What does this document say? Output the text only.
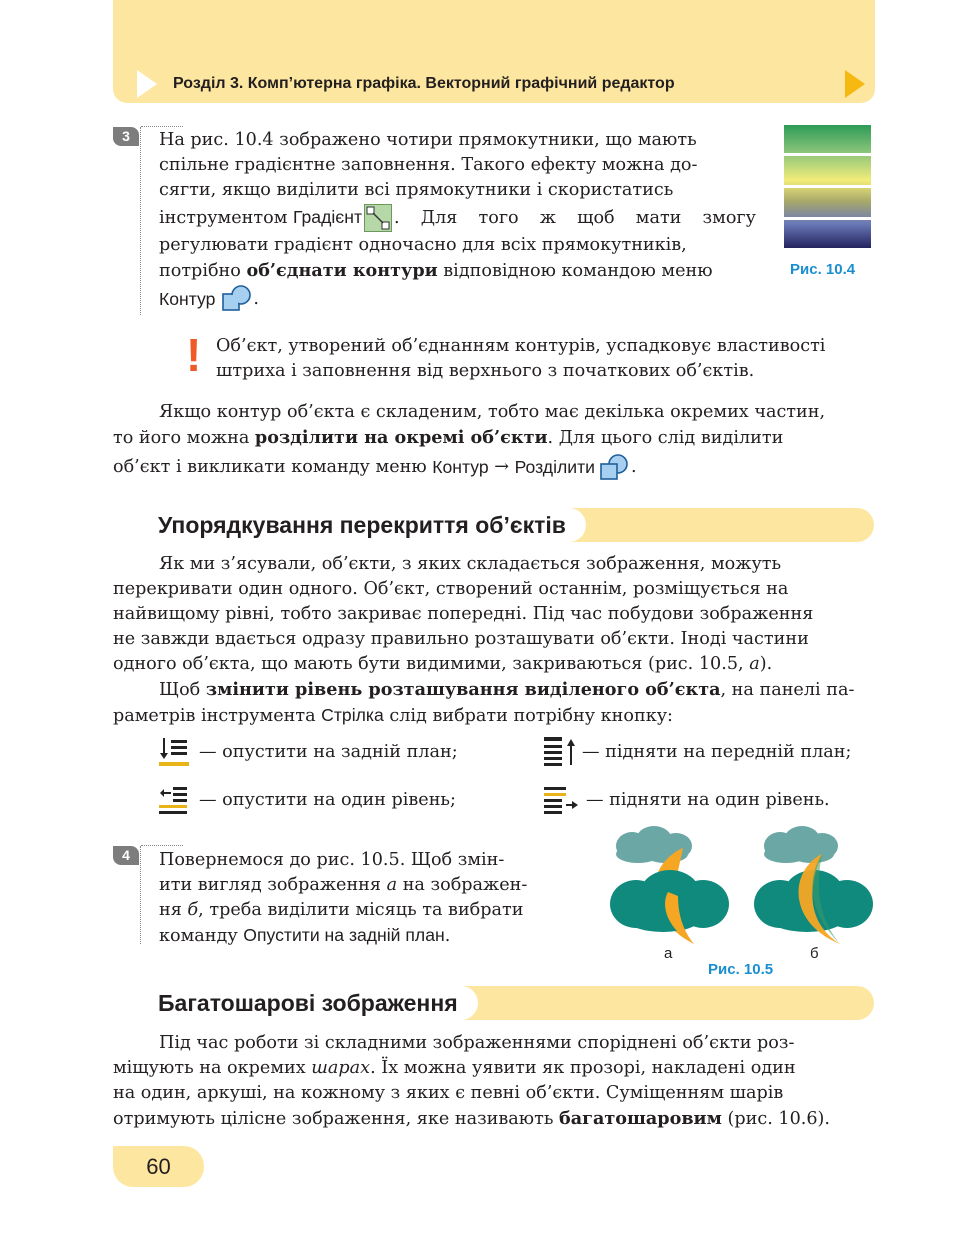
Розділ 3. Комп’ютерна графіка. Векторний графічний редактор
3	На рис. 10.4 зображено чотири прямокутники, що мають
спільне градієнтне заповнення. Такого ефекту можна до-
сягти, якщо виділити всі прямокутники і скористатись
інструментом Градієнт . Для того ж щоб мати змогу
регулювати градієнт одночасно для всіх прямокутників,
потрібно об’єднати контури відповідною командою меню
Контур .
Рис. 10.4
! Об’єкт, утворений об’єднанням контурів, успадковує властивості
штриха і заповнення від верхнього з початкових об’єктів.
Якщо контур об’єкта є складеним, тобто має декілька окремих частин,
то його можна розділити на окремі об’єкти. Для цього слід виділити
об’єкт і викликати команду меню
Контур
→
Розділити .
Упорядкування перекриття об’єктів
Як ми з’ясували, об’єкти, з яких складається зображення, можуть
перекривати один одного. Об’єкт, створений останнім, розміщується на
найвищому рівні, тобто закриває попередні. Під час побудови зображення
не завжди вдається одразу правильно розташувати об’єкти. Іноді частини
одного об’єкта, що мають бути видимими, закриваються (рис. 10.5, а).
Щоб змінити рівень розташування виділеного об’єкта, на панелі па-
раметрів інструмента Стрілка слід вибрати потрібну кнопку:
— опустити на задній план;	— підняти на передній план;
— опустити на один рівень;	— підняти на один рівень.
4	Повернемося до рис. 10.5. Щоб змін-
ити вигляд зображення а на зображен-
ня б, треба виділити місяць та вибрати
команду Опустити на задній план.
а	б
Рис. 10.5
Багатошарові зображення
Під час роботи зі складними зображеннями споріднені об’єкти роз-
міщують на окремих шарах. Їх можна уявити як прозорі, накладені один
на один, аркуші, на кожному з яких є певні об’єкти. Суміщенням шарів
отримують цілісне зображення, яке називають багатошаровим (рис. 10.6).
60
